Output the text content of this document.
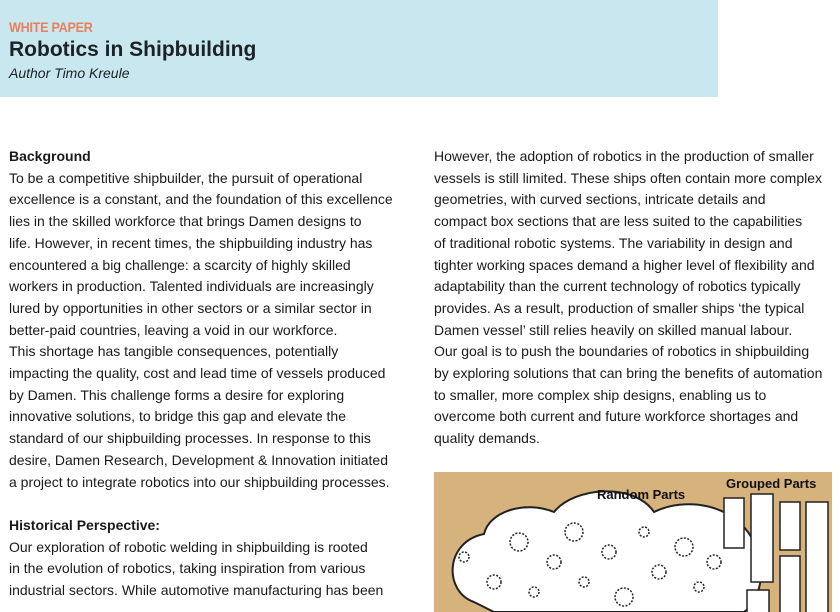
WHITE PAPER
Robotics in Shipbuilding
Author Timo Kreule
Background
To be a competitive shipbuilder, the pursuit of operational
excellence is a constant, and the foundation of this excellence
lies in the skilled workforce that brings Damen designs to
life. However, in recent times, the shipbuilding industry has
encountered a big challenge: a scarcity of highly skilled
workers in production. Talented individuals are increasingly
lured by opportunities in other sectors or a similar sector in
better-paid countries, leaving a void in our workforce.
This shortage has tangible consequences, potentially
impacting the quality, cost and lead time of vessels produced
by Damen. This challenge forms a desire for exploring
innovative solutions, to bridge this gap and elevate the
standard of our shipbuilding processes. In response to this
desire, Damen Research, Development & Innovation initiated
a project to integrate robotics into our shipbuilding processes.
Historical Perspective:
Our exploration of robotic welding in shipbuilding is rooted
in the evolution of robotics, taking inspiration from various
industrial sectors. While automotive manufacturing has been
However, the adoption of robotics in the production of smaller
vessels is still limited. These ships often contain more complex
geometries, with curved sections, intricate details and
compact box sections that are less suited to the capabilities
of traditional robotic systems. The variability in design and
tighter working spaces demand a higher level of flexibility and
adaptability than the current technology of robotics typically
provides. As a result, production of smaller ships ‘the typical
Damen vessel’ still relies heavily on skilled manual labour.
Our goal is to push the boundaries of robotics in shipbuilding
by exploring solutions that can bring the benefits of automation
to smaller, more complex ship designs, enabling us to
overcome both current and future workforce shortages and
quality demands.
Random Parts
Grouped Parts
